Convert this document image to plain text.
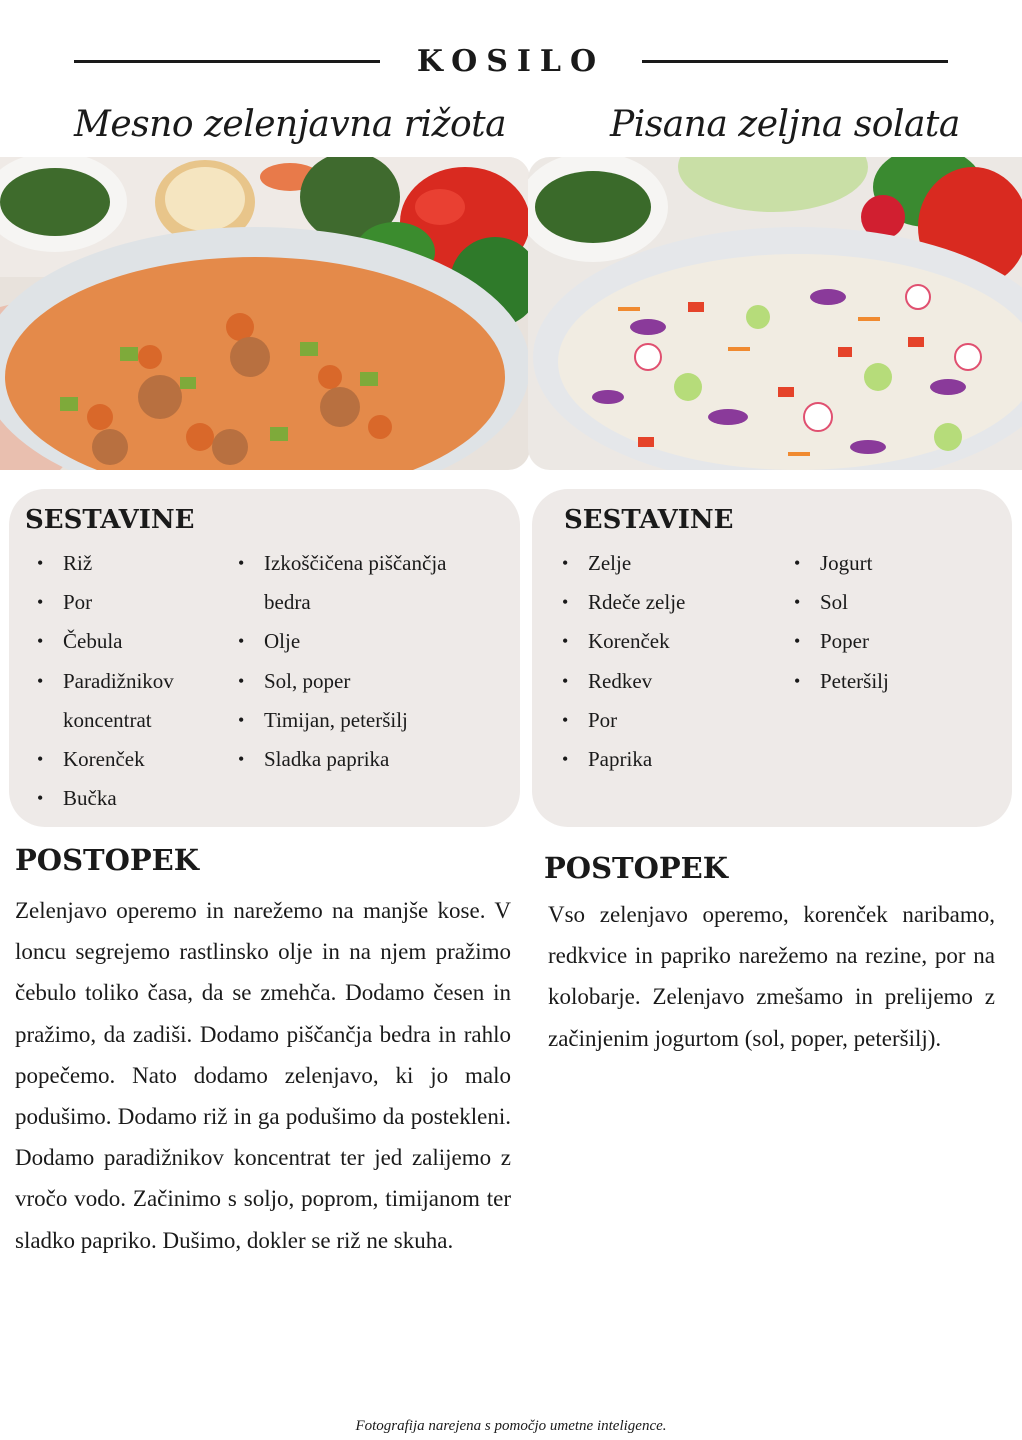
KOSILO
Mesno zelenjavna rižota	Pisana zeljna solata
SESTAVINE
• Riž
• Por
• Čebula
• Paradižnikov
koncentrat
• Korenček
• Bučka
• Izkoščičena piščančja
bedra
• Olje
• Sol, poper
• Timijan, peteršilj
• Sladka paprika
SESTAVINE
• Zelje
• Rdeče zelje
• Korenček
• Redkev
• Por
• Paprika
• Jogurt
• Sol
• Poper
• Peteršilj
POSTOPEK

Zelenjavo operemo in narežemo na manjše kose. V loncu segrejemo rastlinsko olje in na njem pražimo čebulo toliko časa, da se zmehča. Dodamo česen in pražimo, da zadiši. Dodamo piščančja bedra in rahlo popečemo. Nato dodamo zelenjavo, ki jo malo podušimo. Dodamo riž in ga podušimo da postekleni. Dodamo paradižnikov koncentrat ter jed zalijemo z vročo vodo. Začinimo s soljo, poprom, timijanom ter sladko papriko. Dušimo, dokler se riž ne skuha.

POSTOPEK

Vso zelenjavo operemo, korenček naribamo, redkvice in papriko narežemo na rezine, por na kolobarje. Zelenjavo zmešamo in prelijemo z začinjenim jogurtom (sol, poper, peteršilj).

Fotografija narejena s pomočjo umetne inteligence.
